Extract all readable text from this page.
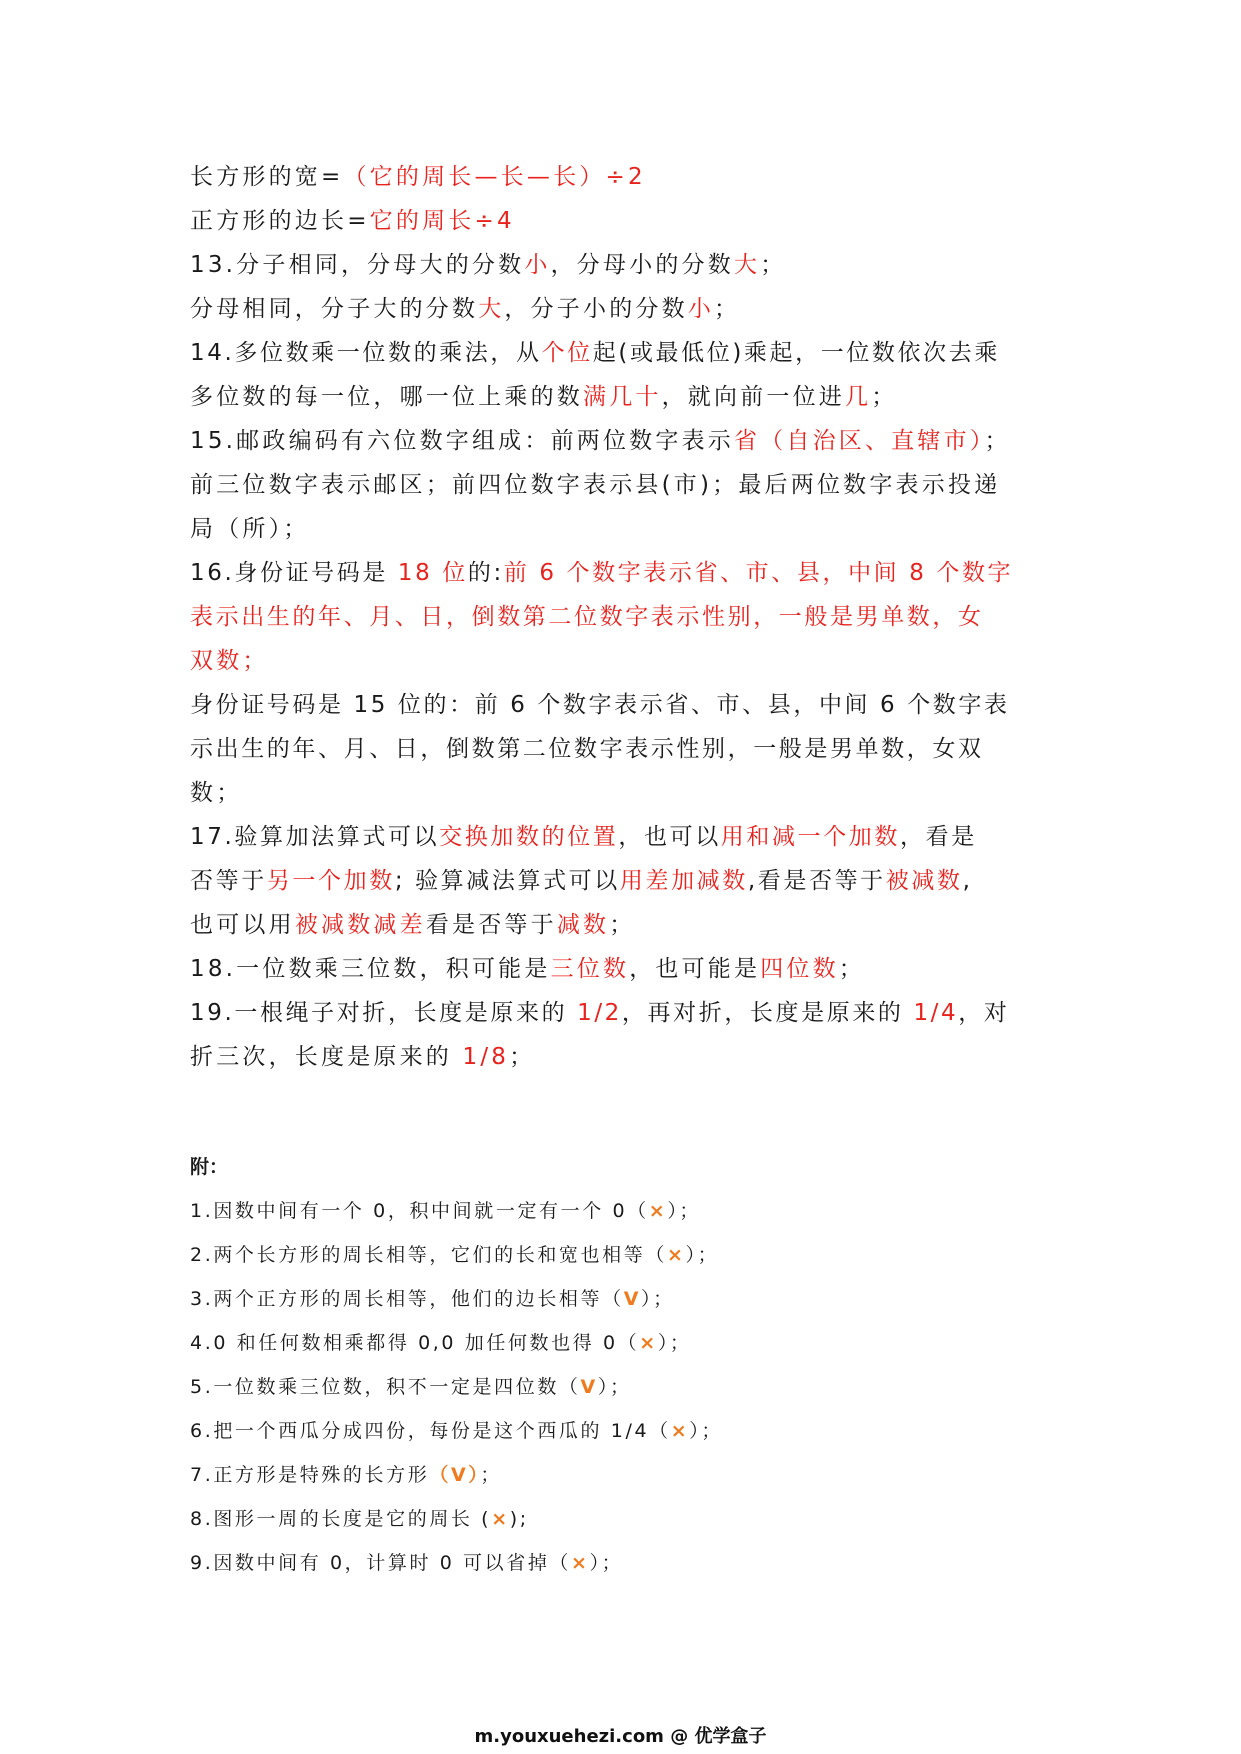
长方形的宽=（它的周长—长—长）÷2

正方形的边长=它的周长÷4

13.分子相同，分母大的分数小，分母小的分数大；

分母相同，分子大的分数大，分子小的分数小；

14.多位数乘一位数的乘法，从个位起(或最低位)乘起，一位数依次去乘

多位数的每一位，哪一位上乘的数满几十，就向前一位进几；

15.邮政编码有六位数字组成：前两位数字表示省（自治区、直辖市）；

前三位数字表示邮区；前四位数字表示县(市)；最后两位数字表示投递

局（所）；

16.身份证号码是 18 位的:前 6 个数字表示省、市、县，中间 8 个数字

表示出生的年、月、日，倒数第二位数字表示性别，一般是男单数，女

双数；

身份证号码是 15 位的：前 6 个数字表示省、市、县，中间 6 个数字表

示出生的年、月、日，倒数第二位数字表示性别，一般是男单数，女双

数；

17.验算加法算式可以交换加数的位置，也可以用和减一个加数，看是

否等于另一个加数; 验算减法算式可以用差加减数,看是否等于被减数,

也可以用被减数减差看是否等于减数；

18.一位数乘三位数，积可能是三位数，也可能是四位数；

19.一根绳子对折，长度是原来的 1/2，再对折，长度是原来的 1/4，对

折三次，长度是原来的 1/8；

附：

1.因数中间有一个 0，积中间就一定有一个 0（×）；

2.两个长方形的周长相等，它们的长和宽也相等（×）；

3.两个正方形的周长相等，他们的边长相等（V）；

4.0 和任何数相乘都得 0,0 加任何数也得 0（×）；

5.一位数乘三位数，积不一定是四位数（V）；

6.把一个西瓜分成四份，每份是这个西瓜的 1/4（×）；

7.正方形是特殊的长方形（V）；

8.图形一周的长度是它的周长 (×);

9.因数中间有 0，计算时 0 可以省掉（×）；

m.youxuehezi.com @ 优学盒子
